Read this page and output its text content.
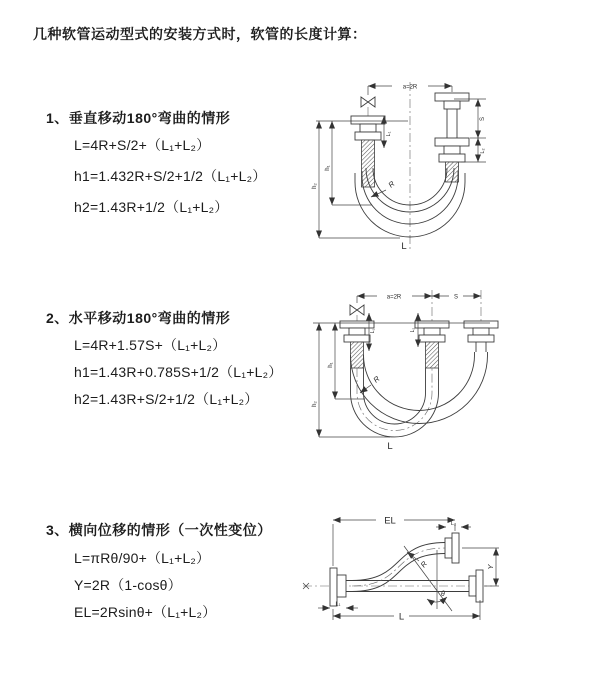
几种软管运动型式的安装方式时，软管的长度计算：
1、垂直移动180°弯曲的情形
L=4R+S/2+（L₁+L₂）
h1=1.432R+S/2+1/2（L₁+L₂）
h2=1.43R+1/2（L₁+L₂）
2、水平移动180°弯曲的情形
L=4R+1.57S+（L₁+L₂）
h1=1.43R+0.785S+1/2（L₁+L₂）
h2=1.43R+S/2+1/2（L₁+L₂）
3、横向位移的情形（一次性变位）
L=πRθ/90+（L₁+L₂）
Y=2R（1-cosθ）
EL=2Rsinθ+（L₁+L₂）
a=2R
L₁
h₁
h₂
S
L₂
R
L
a=2R	S
h₁
h₂
L₁	L₂
R
L
EL	L₂
Y
R
θ
L
L₁
